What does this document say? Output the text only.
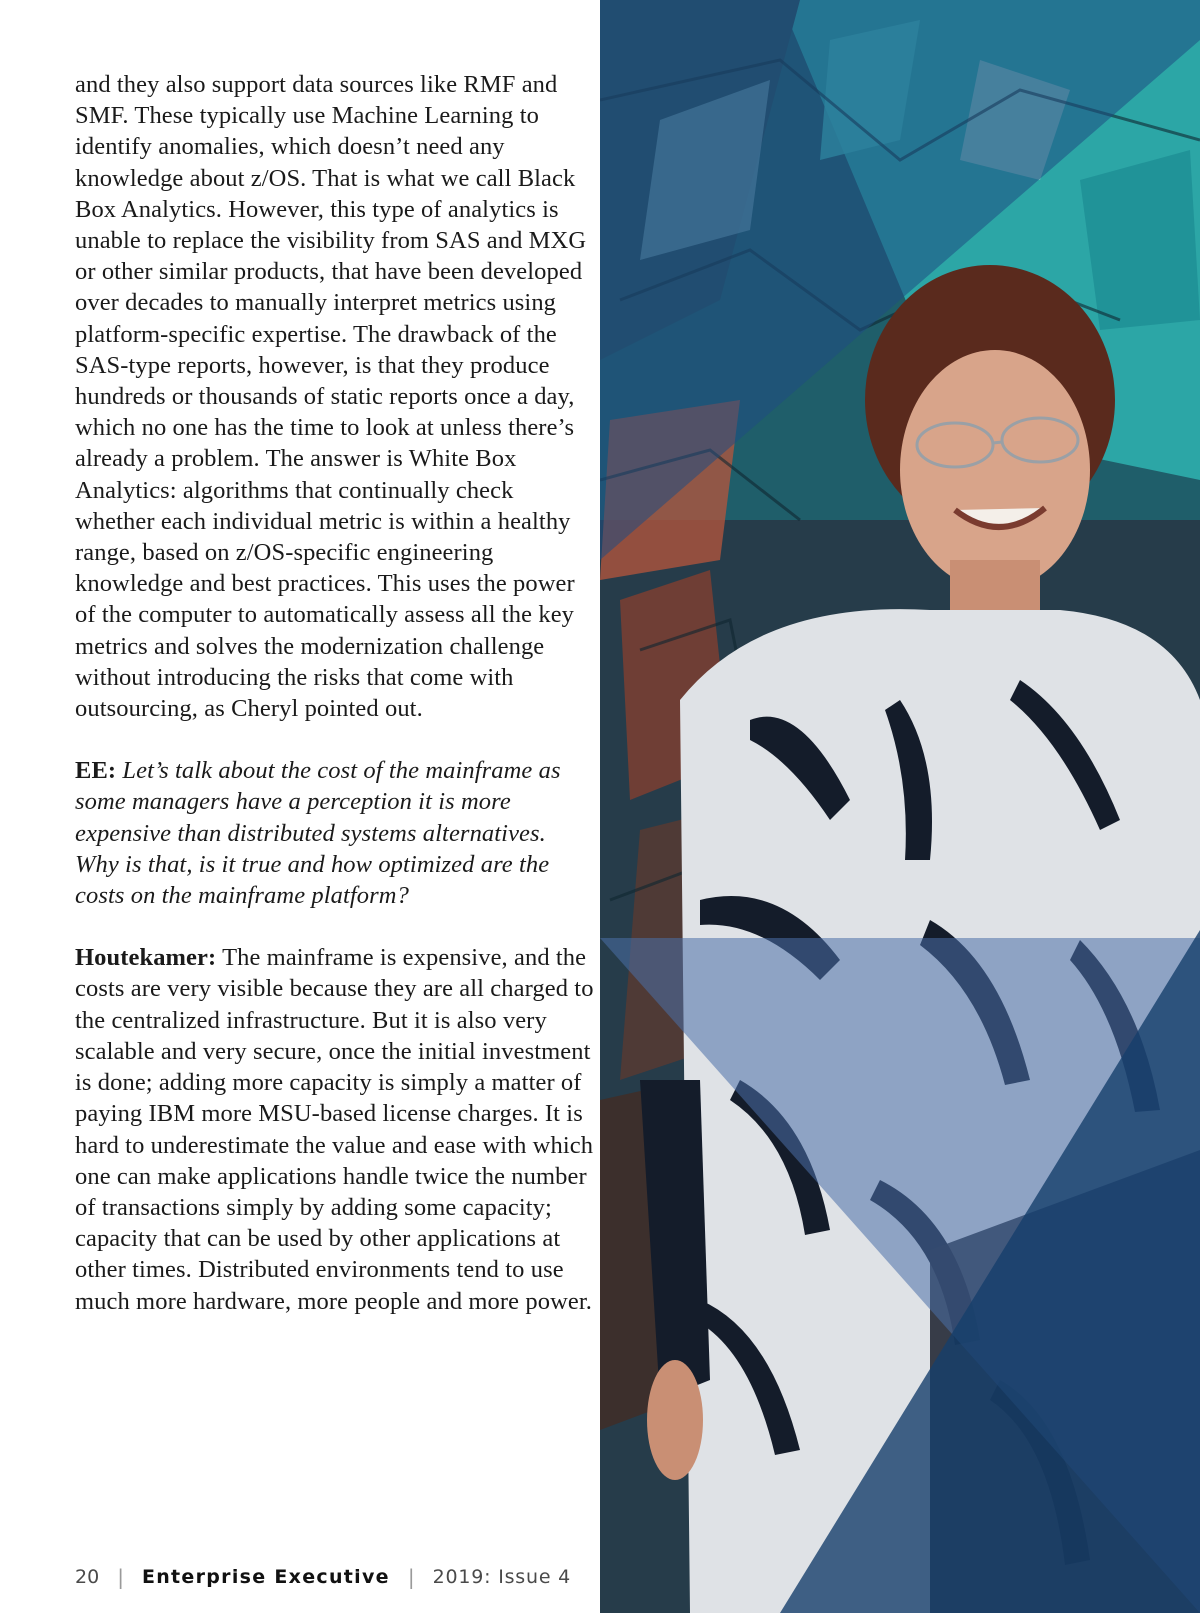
and they also support data sources like RMF and SMF. These typically use Machine Learning to identify anomalies, which doesn’t need any knowledge about z/OS. That is what we call Black Box Analytics. However, this type of analytics is unable to replace the visibility from SAS and MXG or other similar products, that have been developed over decades to manually interpret metrics using platform-specific expertise. The drawback of the SAS-type reports, however, is that they produce hundreds or thousands of static reports once a day, which no one has the time to look at unless there’s already a problem. The answer is White Box Analytics: algorithms that continually check whether each individual metric is within a healthy range, based on z/OS-specific engineering knowledge and best practices. This uses the power of the computer to automatically assess all the key metrics and solves the modernization challenge without introducing the risks that come with outsourcing, as Cheryl pointed out.

EE: Let’s talk about the cost of the mainframe as some managers have a perception it is more expensive than distributed systems alternatives. Why is that, is it true and how optimized are the costs on the mainframe platform?

Houtekamer: The mainframe is expensive, and the costs are very visible because they are all charged to the centralized infrastructure. But it is also very scalable and very secure, once the initial investment is done; adding more capacity is simply a matter of paying IBM more MSU-based license charges. It is hard to underestimate the value and ease with which one can make applications handle twice the number of transactions simply by adding some capacity; capacity that can be used by other applications at other times. Distributed environments tend to use much more hardware, more people and more power.

20 | Enterprise Executive | 2019: Issue 4
